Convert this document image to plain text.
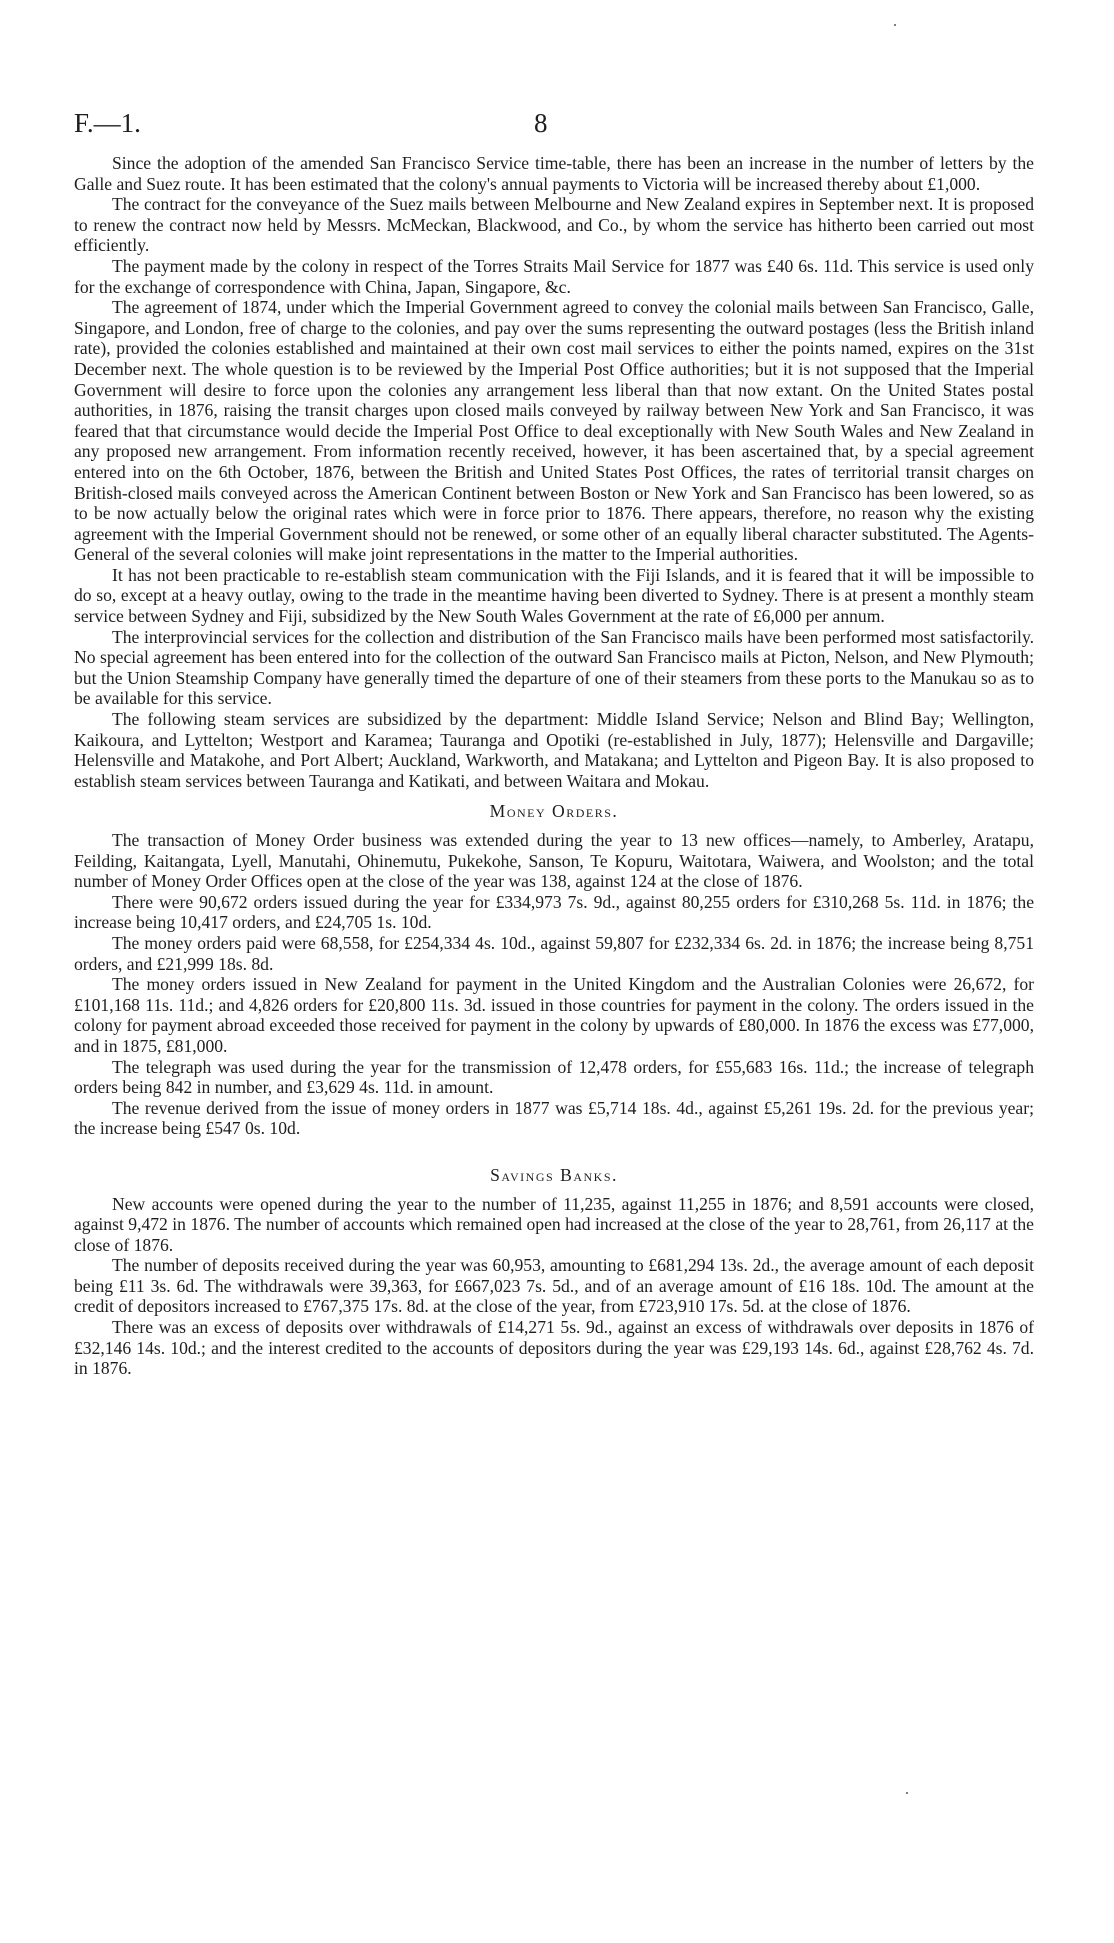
F.—1.	8

Since the adoption of the amended San Francisco Service time-table, there has been an increase in the number of letters by the Galle and Suez route. It has been estimated that the colony's annual payments to Victoria will be increased thereby about £1,000.

The contract for the conveyance of the Suez mails between Melbourne and New Zealand expires in September next. It is proposed to renew the contract now held by Messrs. McMeckan, Blackwood, and Co., by whom the service has hitherto been carried out most efficiently.

The payment made by the colony in respect of the Torres Straits Mail Service for 1877 was £40 6s. 11d. This service is used only for the exchange of correspondence with China, Japan, Singapore, &c.

The agreement of 1874, under which the Imperial Government agreed to convey the colonial mails between San Francisco, Galle, Singapore, and London, free of charge to the colonies, and pay over the sums representing the outward postages (less the British inland rate), provided the colonies established and maintained at their own cost mail services to either the points named, expires on the 31st December next. The whole question is to be reviewed by the Imperial Post Office authorities; but it is not supposed that the Imperial Government will desire to force upon the colonies any arrangement less liberal than that now extant. On the United States postal authorities, in 1876, raising the transit charges upon closed mails conveyed by railway between New York and San Francisco, it was feared that that circumstance would decide the Imperial Post Office to deal exceptionally with New South Wales and New Zealand in any proposed new arrangement. From information recently received, however, it has been ascertained that, by a special agreement entered into on the 6th October, 1876, between the British and United States Post Offices, the rates of territorial transit charges on British-closed mails conveyed across the American Continent between Boston or New York and San Francisco has been lowered, so as to be now actually below the original rates which were in force prior to 1876. There appears, therefore, no reason why the existing agreement with the Imperial Government should not be renewed, or some other of an equally liberal character substituted. The Agents-General of the several colonies will make joint representations in the matter to the Imperial authorities.

It has not been practicable to re-establish steam communication with the Fiji Islands, and it is feared that it will be impossible to do so, except at a heavy outlay, owing to the trade in the meantime having been diverted to Sydney. There is at present a monthly steam service between Sydney and Fiji, subsidized by the New South Wales Government at the rate of £6,000 per annum.

The interprovincial services for the collection and distribution of the San Francisco mails have been performed most satisfactorily. No special agreement has been entered into for the collection of the outward San Francisco mails at Picton, Nelson, and New Plymouth; but the Union Steamship Company have generally timed the departure of one of their steamers from these ports to the Manukau so as to be available for this service.

The following steam services are subsidized by the department: Middle Island Service; Nelson and Blind Bay; Wellington, Kaikoura, and Lyttelton; Westport and Karamea; Tauranga and Opotiki (re-established in July, 1877); Helensville and Dargaville; Helensville and Matakohe, and Port Albert; Auckland, Warkworth, and Matakana; and Lyttelton and Pigeon Bay. It is also proposed to establish steam services between Tauranga and Katikati, and between Waitara and Mokau.

Money Orders.

The transaction of Money Order business was extended during the year to 13 new offices—namely, to Amberley, Aratapu, Feilding, Kaitangata, Lyell, Manutahi, Ohinemutu, Pukekohe, Sanson, Te Kopuru, Waitotara, Waiwera, and Woolston; and the total number of Money Order Offices open at the close of the year was 138, against 124 at the close of 1876.

There were 90,672 orders issued during the year for £334,973 7s. 9d., against 80,255 orders for £310,268 5s. 11d. in 1876; the increase being 10,417 orders, and £24,705 1s. 10d.

The money orders paid were 68,558, for £254,334 4s. 10d., against 59,807 for £232,334 6s. 2d. in 1876; the increase being 8,751 orders, and £21,999 18s. 8d.

The money orders issued in New Zealand for payment in the United Kingdom and the Australian Colonies were 26,672, for £101,168 11s. 11d.; and 4,826 orders for £20,800 11s. 3d. issued in those countries for payment in the colony. The orders issued in the colony for payment abroad exceeded those received for payment in the colony by upwards of £80,000. In 1876 the excess was £77,000, and in 1875, £81,000.

The telegraph was used during the year for the transmission of 12,478 orders, for £55,683 16s. 11d.; the increase of telegraph orders being 842 in number, and £3,629 4s. 11d. in amount.

The revenue derived from the issue of money orders in 1877 was £5,714 18s. 4d., against £5,261 19s. 2d. for the previous year; the increase being £547 0s. 10d.

Savings Banks.

New accounts were opened during the year to the number of 11,235, against 11,255 in 1876; and 8,591 accounts were closed, against 9,472 in 1876. The number of accounts which remained open had increased at the close of the year to 28,761, from 26,117 at the close of 1876.

The number of deposits received during the year was 60,953, amounting to £681,294 13s. 2d., the average amount of each deposit being £11 3s. 6d. The withdrawals were 39,363, for £667,023 7s. 5d., and of an average amount of £16 18s. 10d. The amount at the credit of depositors increased to £767,375 17s. 8d. at the close of the year, from £723,910 17s. 5d. at the close of 1876.

There was an excess of deposits over withdrawals of £14,271 5s. 9d., against an excess of withdrawals over deposits in 1876 of £32,146 14s. 10d.; and the interest credited to the accounts of depositors during the year was £29,193 14s. 6d., against £28,762 4s. 7d. in 1876.
